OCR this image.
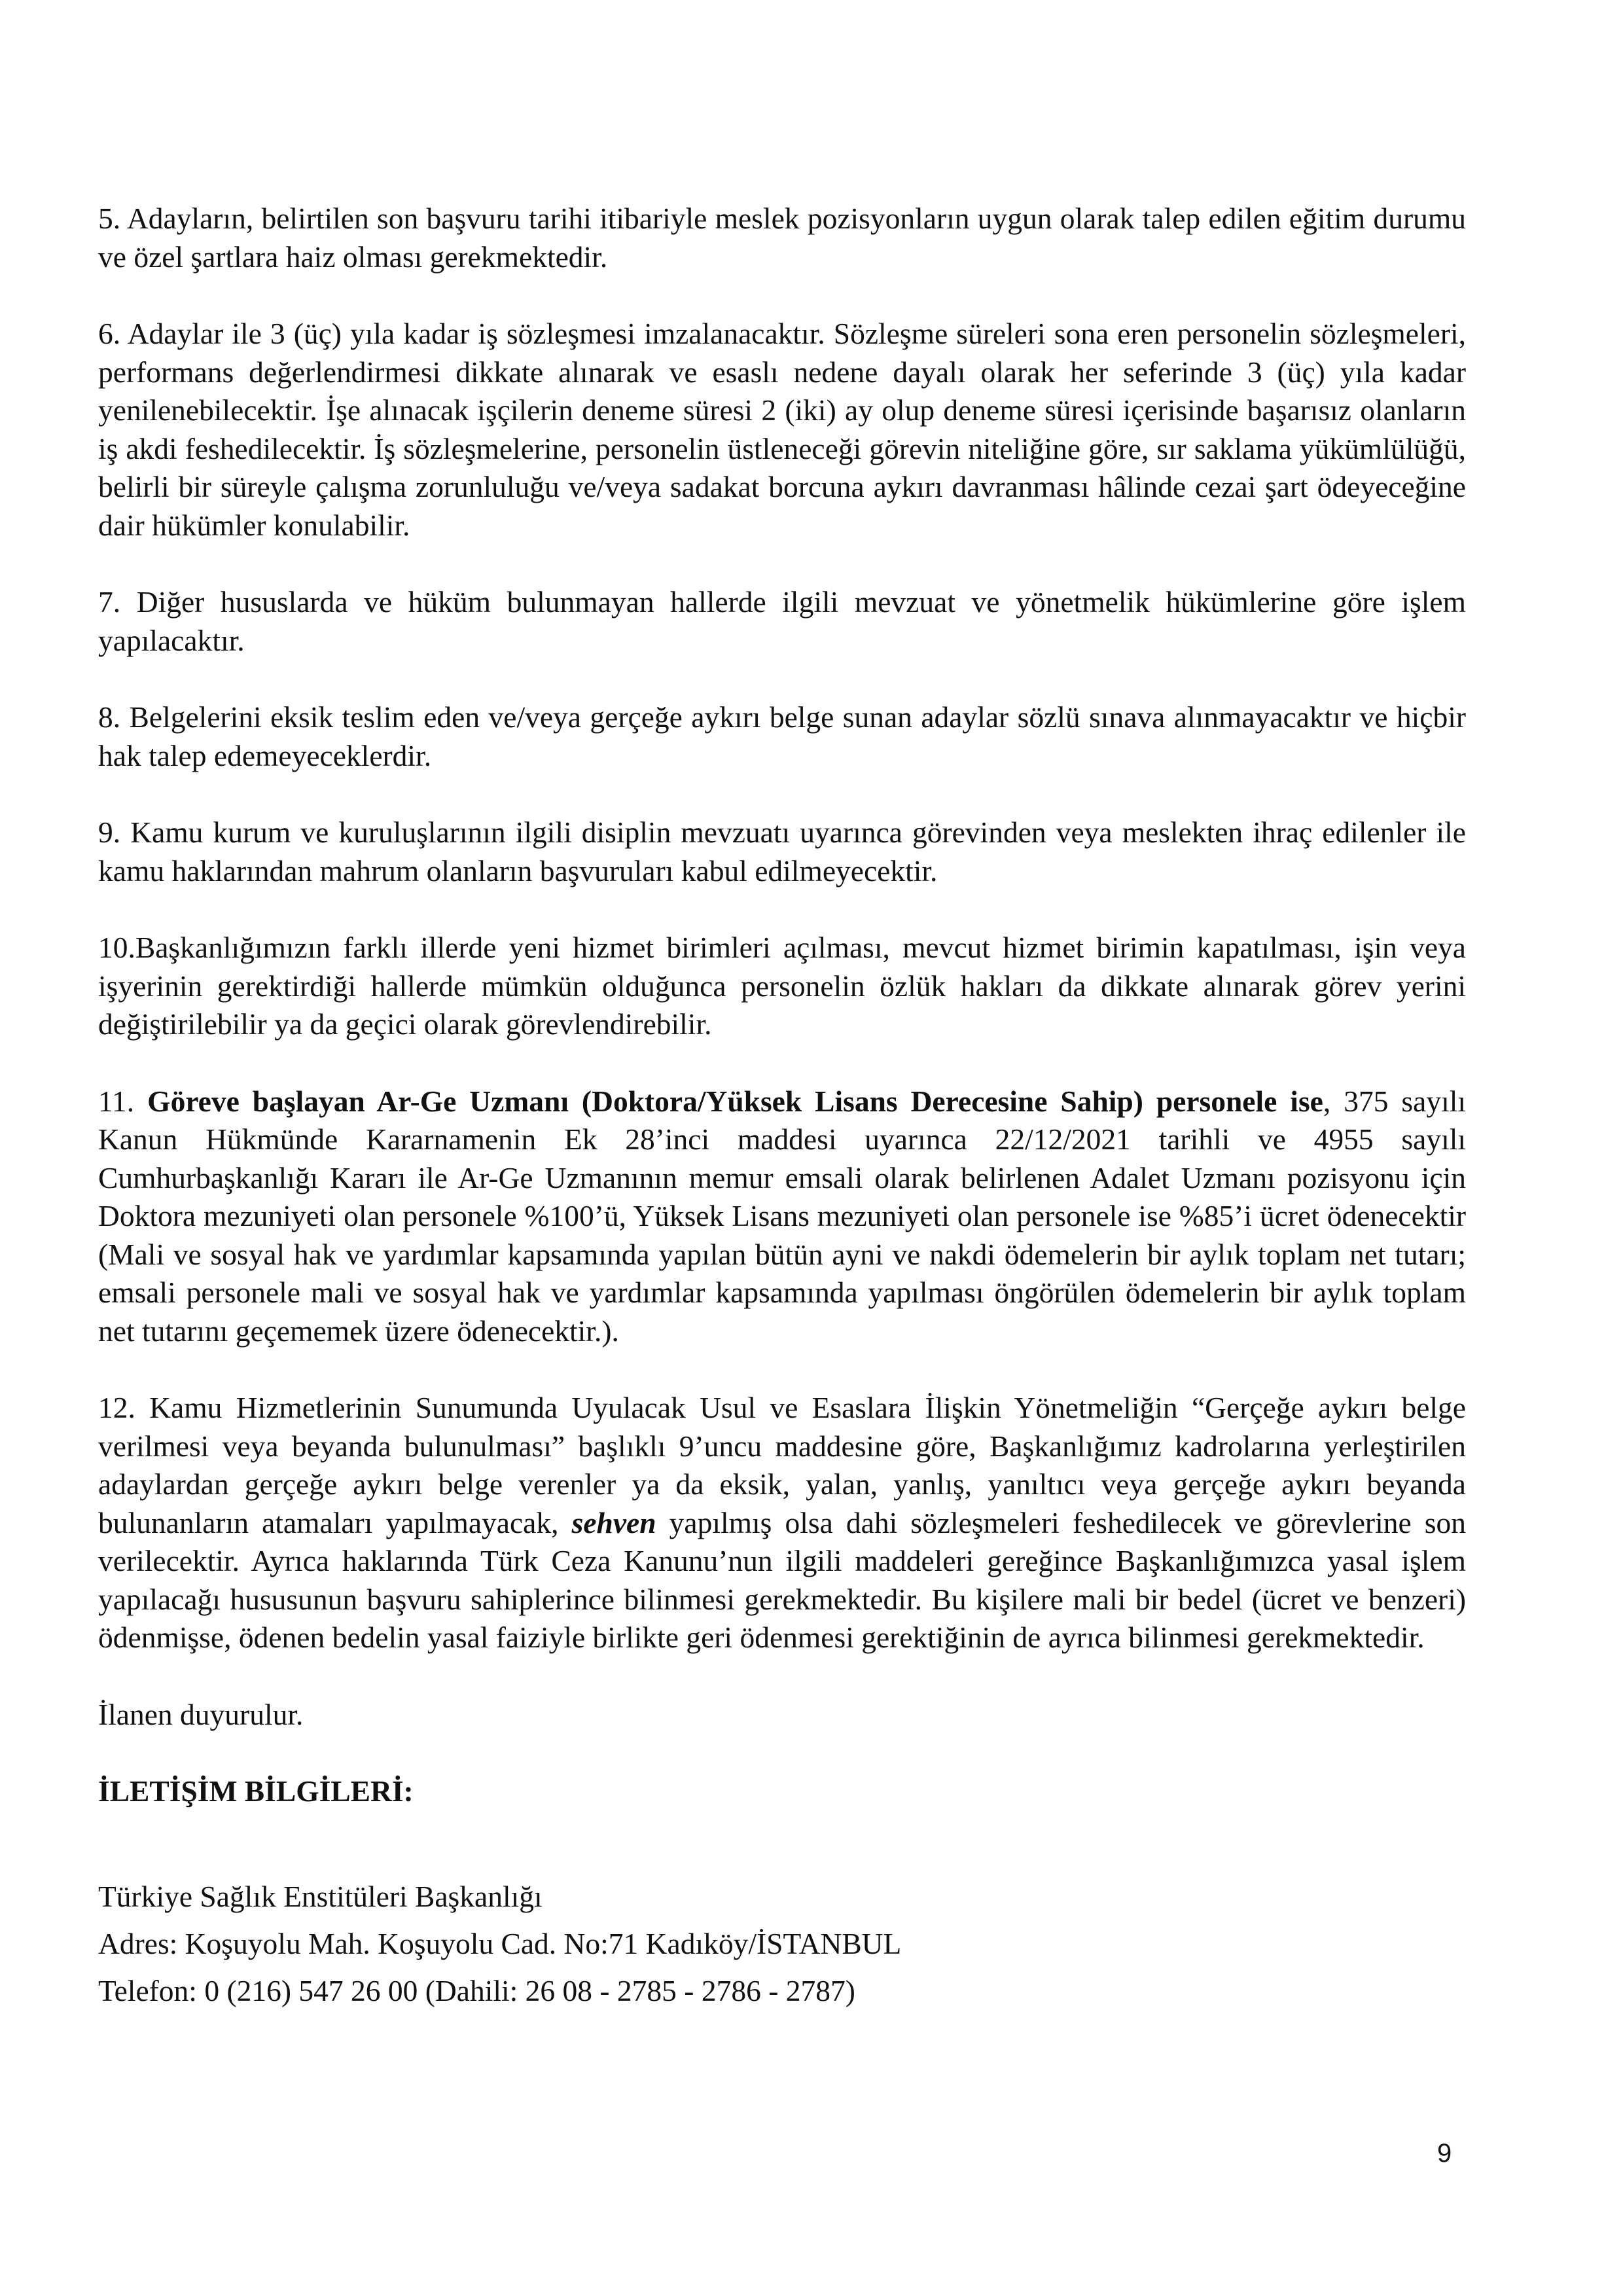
5. Adayların, belirtilen son başvuru tarihi itibariyle meslek pozisyonların uygun olarak talep edilen eğitim durumu ve özel şartlara haiz olması gerekmektedir.

6. Adaylar ile 3 (üç) yıla kadar iş sözleşmesi imzalanacaktır. Sözleşme süreleri sona eren personelin sözleşmeleri, performans değerlendirmesi dikkate alınarak ve esaslı nedene dayalı olarak her seferinde 3 (üç) yıla kadar yenilenebilecektir. İşe alınacak işçilerin deneme süresi 2 (iki) ay olup deneme süresi içerisinde başarısız olanların iş akdi feshedilecektir. İş sözleşmelerine, personelin üstleneceği görevin niteliğine göre, sır saklama yükümlülüğü, belirli bir süreyle çalışma zorunluluğu ve/veya sadakat borcuna aykırı davranması hâlinde cezai şart ödeyeceğine dair hükümler konulabilir.

7. Diğer hususlarda ve hüküm bulunmayan hallerde ilgili mevzuat ve yönetmelik hükümlerine göre işlem yapılacaktır.

8. Belgelerini eksik teslim eden ve/veya gerçeğe aykırı belge sunan adaylar sözlü sınava alınmayacaktır ve hiçbir hak talep edemeyeceklerdir.

9. Kamu kurum ve kuruluşlarının ilgili disiplin mevzuatı uyarınca görevinden veya meslekten ihraç edilenler ile kamu haklarından mahrum olanların başvuruları kabul edilmeyecektir.

10.Başkanlığımızın farklı illerde yeni hizmet birimleri açılması, mevcut hizmet birimin kapatılması, işin veya işyerinin gerektirdiği hallerde mümkün olduğunca personelin özlük hakları da dikkate alınarak görev yerini değiştirilebilir ya da geçici olarak görevlendirebilir.

11. Göreve başlayan Ar-Ge Uzmanı (Doktora/Yüksek Lisans Derecesine Sahip) personele ise, 375 sayılı Kanun Hükmünde Kararnamenin Ek 28’inci maddesi uyarınca 22/12/2021 tarihli ve 4955 sayılı Cumhurbaşkanlığı Kararı ile Ar-Ge Uzmanının memur emsali olarak belirlenen Adalet Uzmanı pozisyonu için Doktora mezuniyeti olan personele %100’ü, Yüksek Lisans mezuniyeti olan personele ise %85’i ücret ödenecektir (Mali ve sosyal hak ve yardımlar kapsamında yapılan bütün ayni ve nakdi ödemelerin bir aylık toplam net tutarı; emsali personele mali ve sosyal hak ve yardımlar kapsamında yapılması öngörülen ödemelerin bir aylık toplam net tutarını geçememek üzere ödenecektir.).

12. Kamu Hizmetlerinin Sunumunda Uyulacak Usul ve Esaslara İlişkin Yönetmeliğin “Gerçeğe aykırı belge verilmesi veya beyanda bulunulması” başlıklı 9’uncu maddesine göre, Başkanlığımız kadrolarına yerleştirilen adaylardan gerçeğe aykırı belge verenler ya da eksik, yalan, yanlış, yanıltıcı veya gerçeğe aykırı beyanda bulunanların atamaları yapılmayacak, sehven yapılmış olsa dahi sözleşmeleri feshedilecek ve görevlerine son verilecektir. Ayrıca haklarında Türk Ceza Kanunu’nun ilgili maddeleri gereğince Başkanlığımızca yasal işlem yapılacağı hususunun başvuru sahiplerince bilinmesi gerekmektedir. Bu kişilere mali bir bedel (ücret ve benzeri) ödenmişse, ödenen bedelin yasal faiziyle birlikte geri ödenmesi gerektiğinin de ayrıca bilinmesi gerekmektedir.

İlanen duyurulur.

İLETİŞİM BİLGİLERİ:

Türkiye Sağlık Enstitüleri Başkanlığı

Adres: Koşuyolu Mah. Koşuyolu Cad. No:71 Kadıköy/İSTANBUL

Telefon: 0 (216) 547 26 00 (Dahili: 26 08 - 2785 - 2786 - 2787)

9
